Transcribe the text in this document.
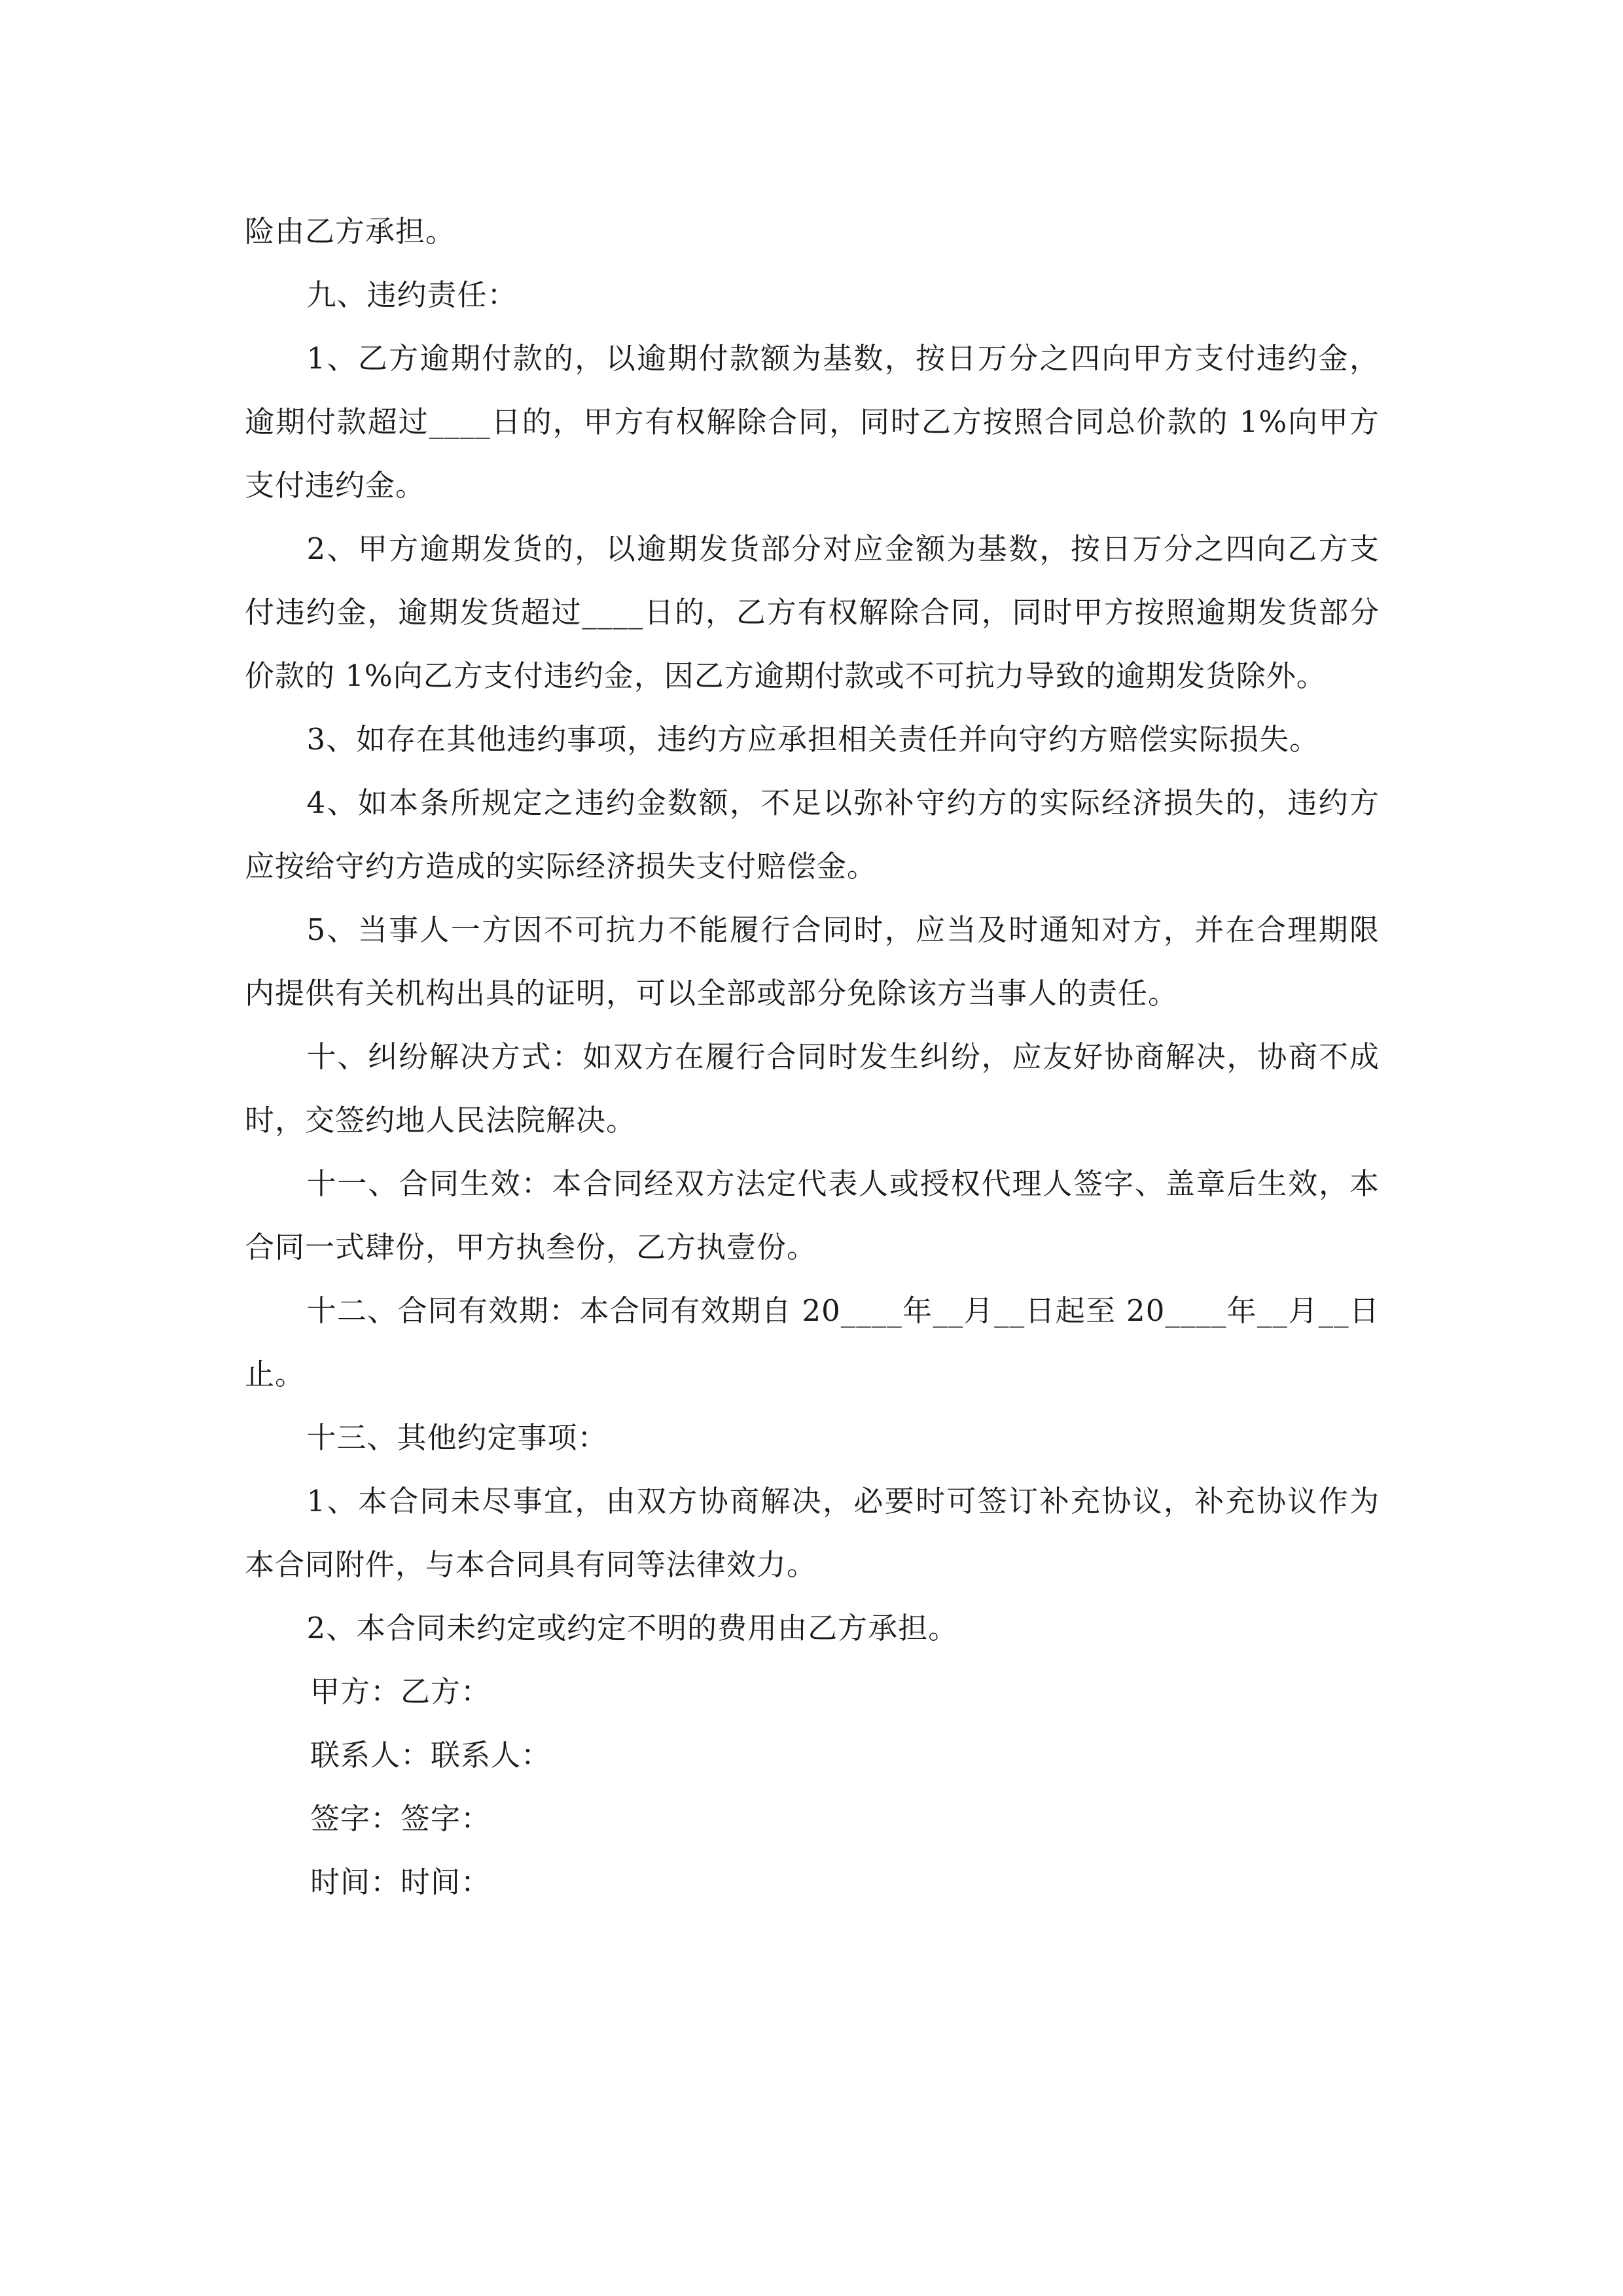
险由乙方承担。

九、违约责任：

1、乙方逾期付款的，以逾期付款额为基数，按日万分之四向甲方支付违约金，逾期付款超过____日的，甲方有权解除合同，同时乙方按照合同总价款的 1%向甲方支付违约金。

2、甲方逾期发货的，以逾期发货部分对应金额为基数，按日万分之四向乙方支付违约金，逾期发货超过____日的，乙方有权解除合同，同时甲方按照逾期发货部分价款的 1%向乙方支付违约金，因乙方逾期付款或不可抗力导致的逾期发货除外。

3、如存在其他违约事项，违约方应承担相关责任并向守约方赔偿实际损失。

4、如本条所规定之违约金数额，不足以弥补守约方的实际经济损失的，违约方应按给守约方造成的实际经济损失支付赔偿金。

5、当事人一方因不可抗力不能履行合同时，应当及时通知对方，并在合理期限内提供有关机构出具的证明，可以全部或部分免除该方当事人的责任。

十、纠纷解决方式：如双方在履行合同时发生纠纷，应友好协商解决，协商不成时，交签约地人民法院解决。

十一、合同生效：本合同经双方法定代表人或授权代理人签字、盖章后生效，本合同一式肆份，甲方执叁份，乙方执壹份。

十二、合同有效期：本合同有效期自 20____年__月__日起至 20____年__月__日止。

十三、其他约定事项：

1、本合同未尽事宜，由双方协商解决，必要时可签订补充协议，补充协议作为本合同附件，与本合同具有同等法律效力。

2、本合同未约定或约定不明的费用由乙方承担。

甲方：乙方：

联系人：联系人：

签字：签字：

时间：时间：
